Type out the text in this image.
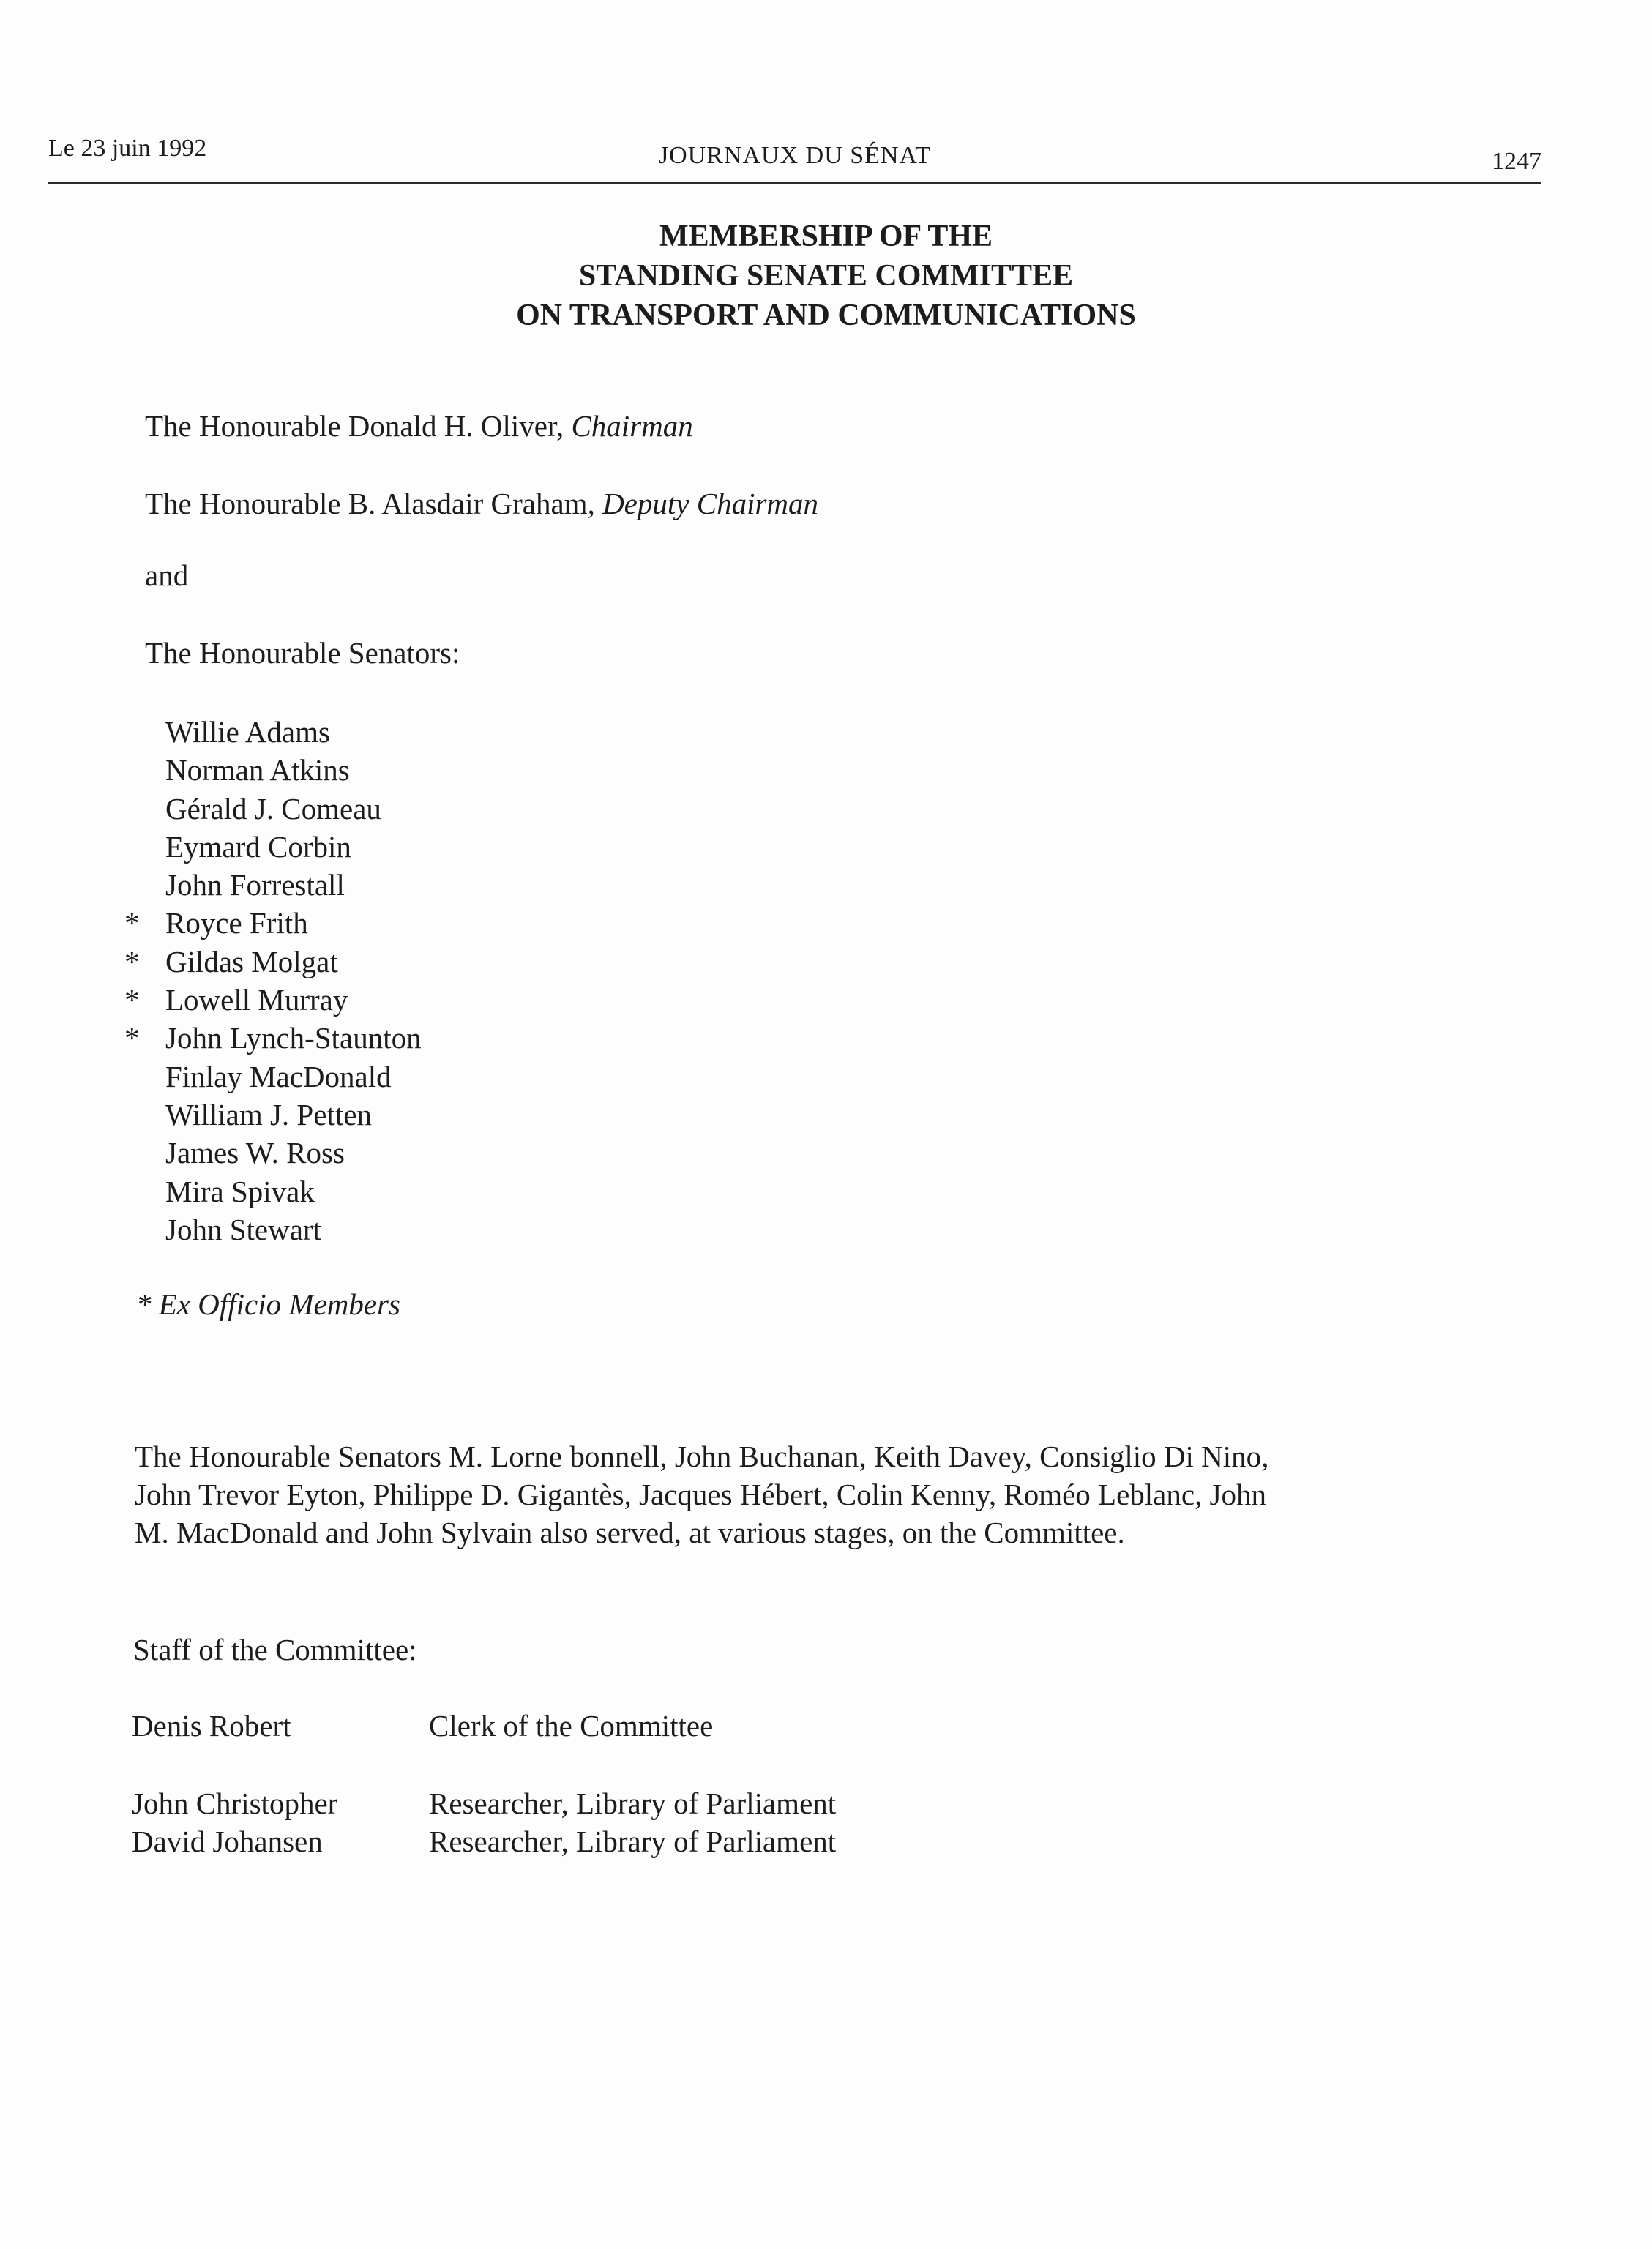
Le 23 juin 1992	JOURNAUX DU SÉNAT	1247
MEMBERSHIP OF THE
STANDING SENATE COMMITTEE
ON TRANSPORT AND COMMUNICATIONS
The Honourable Donald H. Oliver, Chairman
The Honourable B. Alasdair Graham, Deputy Chairman
and
The Honourable Senators:
Willie Adams
Norman Atkins
Gérald J. Comeau
Eymard Corbin
John Forrestall
* Royce Frith
* Gildas Molgat
* Lowell Murray
* John Lynch-Staunton
Finlay MacDonald
William J. Petten
James W. Ross
Mira Spivak
John Stewart
* Ex Officio Members
The Honourable Senators M. Lorne bonnell, John Buchanan, Keith Davey, Consiglio Di Nino,
John Trevor Eyton, Philippe D. Gigantès, Jacques Hébert, Colin Kenny, Roméo Leblanc, John
M. MacDonald and John Sylvain also served, at various stages, on the Committee.
Staff of the Committee:
Denis Robert	Clerk of the Committee
John Christopher	Researcher, Library of Parliament
David Johansen	Researcher, Library of Parliament
